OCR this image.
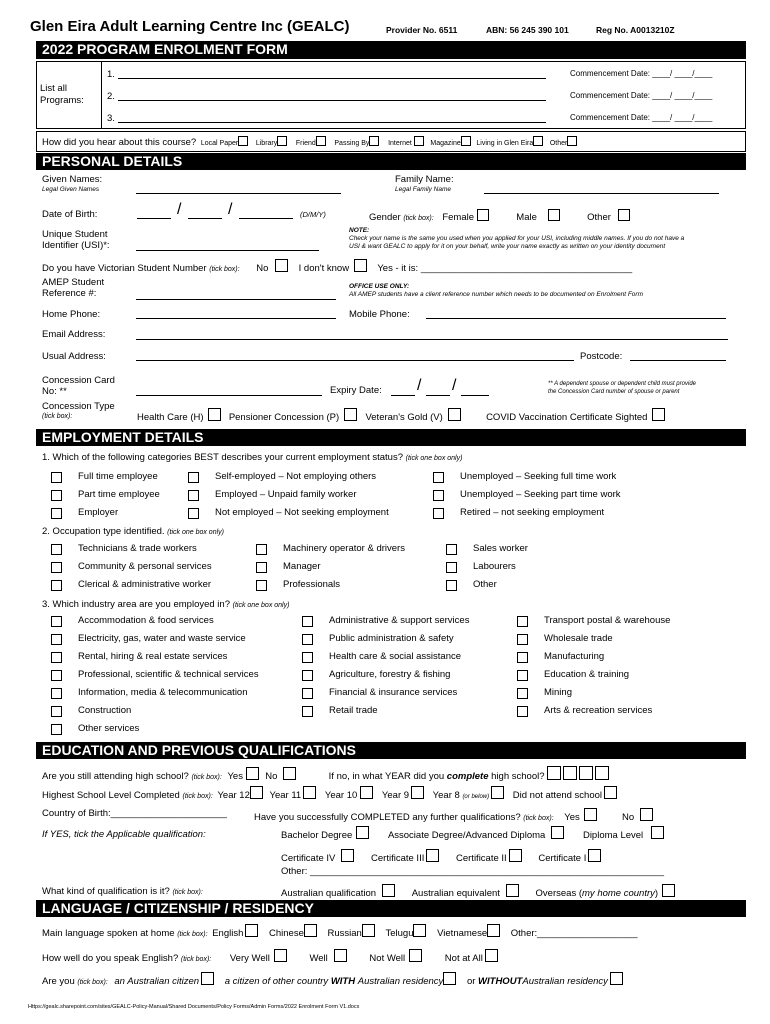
Glen Eira Adult Learning Centre Inc (GEALC)	Provider No. 6511	ABN: 56 245 390 101	Reg No. A0013210Z
2022 PROGRAM ENROLMENT FORM
List all Programs:
1.	Commencement Date: ____/ ____/____
2.	Commencement Date: ____/ ____/____
3.	Commencement Date: ____/ ____/____
How did you hear about this course? Local Paper	Library	Friend	Passing By	Internet	Magazine Living in Glen Eira Other
PERSONAL DETAILS
Given Names:
Legal Given Names
Family Name:
Legal Family Name
Date of Birth:	/	/	(D/M/Y)	Gender (tick box): Female	Male	Other
Unique Student Identifier (USI)*:
NOTE:
Check your name is the same you used when you applied for your USI, including middle names. If you do not have a
USI & want GEALC to apply for it on your behalf, write your name exactly as written on your identity document
Do you have Victorian Student Number (tick box): No	I don't know	Yes - it is: ________________________________________
AMEP Student Reference #:
OFFICE USE ONLY:
All AMEP students have a client reference number which needs to be documented on Enrolment Form
Home Phone:	Mobile Phone:
Email Address:
Usual Address:	Postcode:
Concession Card No: **	Expiry Date: / /	** A dependent spouse or dependent child must provide
the Concession Card number of spouse or parent
Concession Type
(tick box):	Health Care (H)	Pensioner Concession (P)	Veteran's Gold (V)	COVID Vaccination Certificate Sighted
EMPLOYMENT DETAILS
1. Which of the following categories BEST describes your current employment status? (tick one box only)
Full time employee	Self-employed – Not employing others	Unemployed – Seeking full time work
Part time employee	Employed – Unpaid family worker	Unemployed – Seeking part time work
Employer	Not employed – Not seeking employment	Retired – not seeking employment
2. Occupation type identified. (tick one box only)
Technicians & trade workers	Machinery operator & drivers	Sales worker
Community & personal services	Manager	Labourers
Clerical & administrative worker	Professionals	Other
3. Which industry area are you employed in? (tick one box only)
Accommodation & food services	Administrative & support services	Transport postal & warehouse
Electricity, gas, water and waste service	Public administration & safety	Wholesale trade
Rental, hiring & real estate services	Health care & social assistance	Manufacturing
Professional, scientific & technical services	Agriculture, forestry & fishing	Education & training
Information, media & telecommunication	Financial & insurance services	Mining
Construction	Retail trade	Arts & recreation services
Other services
EDUCATION AND PREVIOUS QUALIFICATIONS
Are you still attending high school? (tick box): Yes No	If no, in what YEAR did you complete high school?
Highest School Level Completed (tick box): Year 12 Year 11 Year 10	Year 9 Year 8 (or below) Did not attend school
Country of Birth:______________________	Have you successfully COMPLETED any further qualifications? (tick box): Yes	No
If YES, tick the Applicable qualification:	Bachelor Degree	Associate Degree/Advanced Diploma	Diploma Level
Certificate IV	Certificate III	Certificate II	Certificate I
Other: ___________________________________________________________________
What kind of qualification is it? (tick box):	Australian qualification	Australian equivalent	Overseas (my home country)
LANGUAGE / CITIZENSHIP / RESIDENCY
Main language spoken at home (tick box): English	Chinese Russian Telugu Vietnamese Other:___________________
How well do you speak English? (tick box): Very Well	Well	Not Well	Not at All
Are you (tick box): an Australian citizen	a citizen of other country WITH Australian residency or WITHOUTAustralian residency
Https://gealc.sharepoint.com/sites/GEALC-Policy-Manual/Shared Documents/Policy Forms/Admin Forms/2022 Enrolment Form V1.docx
